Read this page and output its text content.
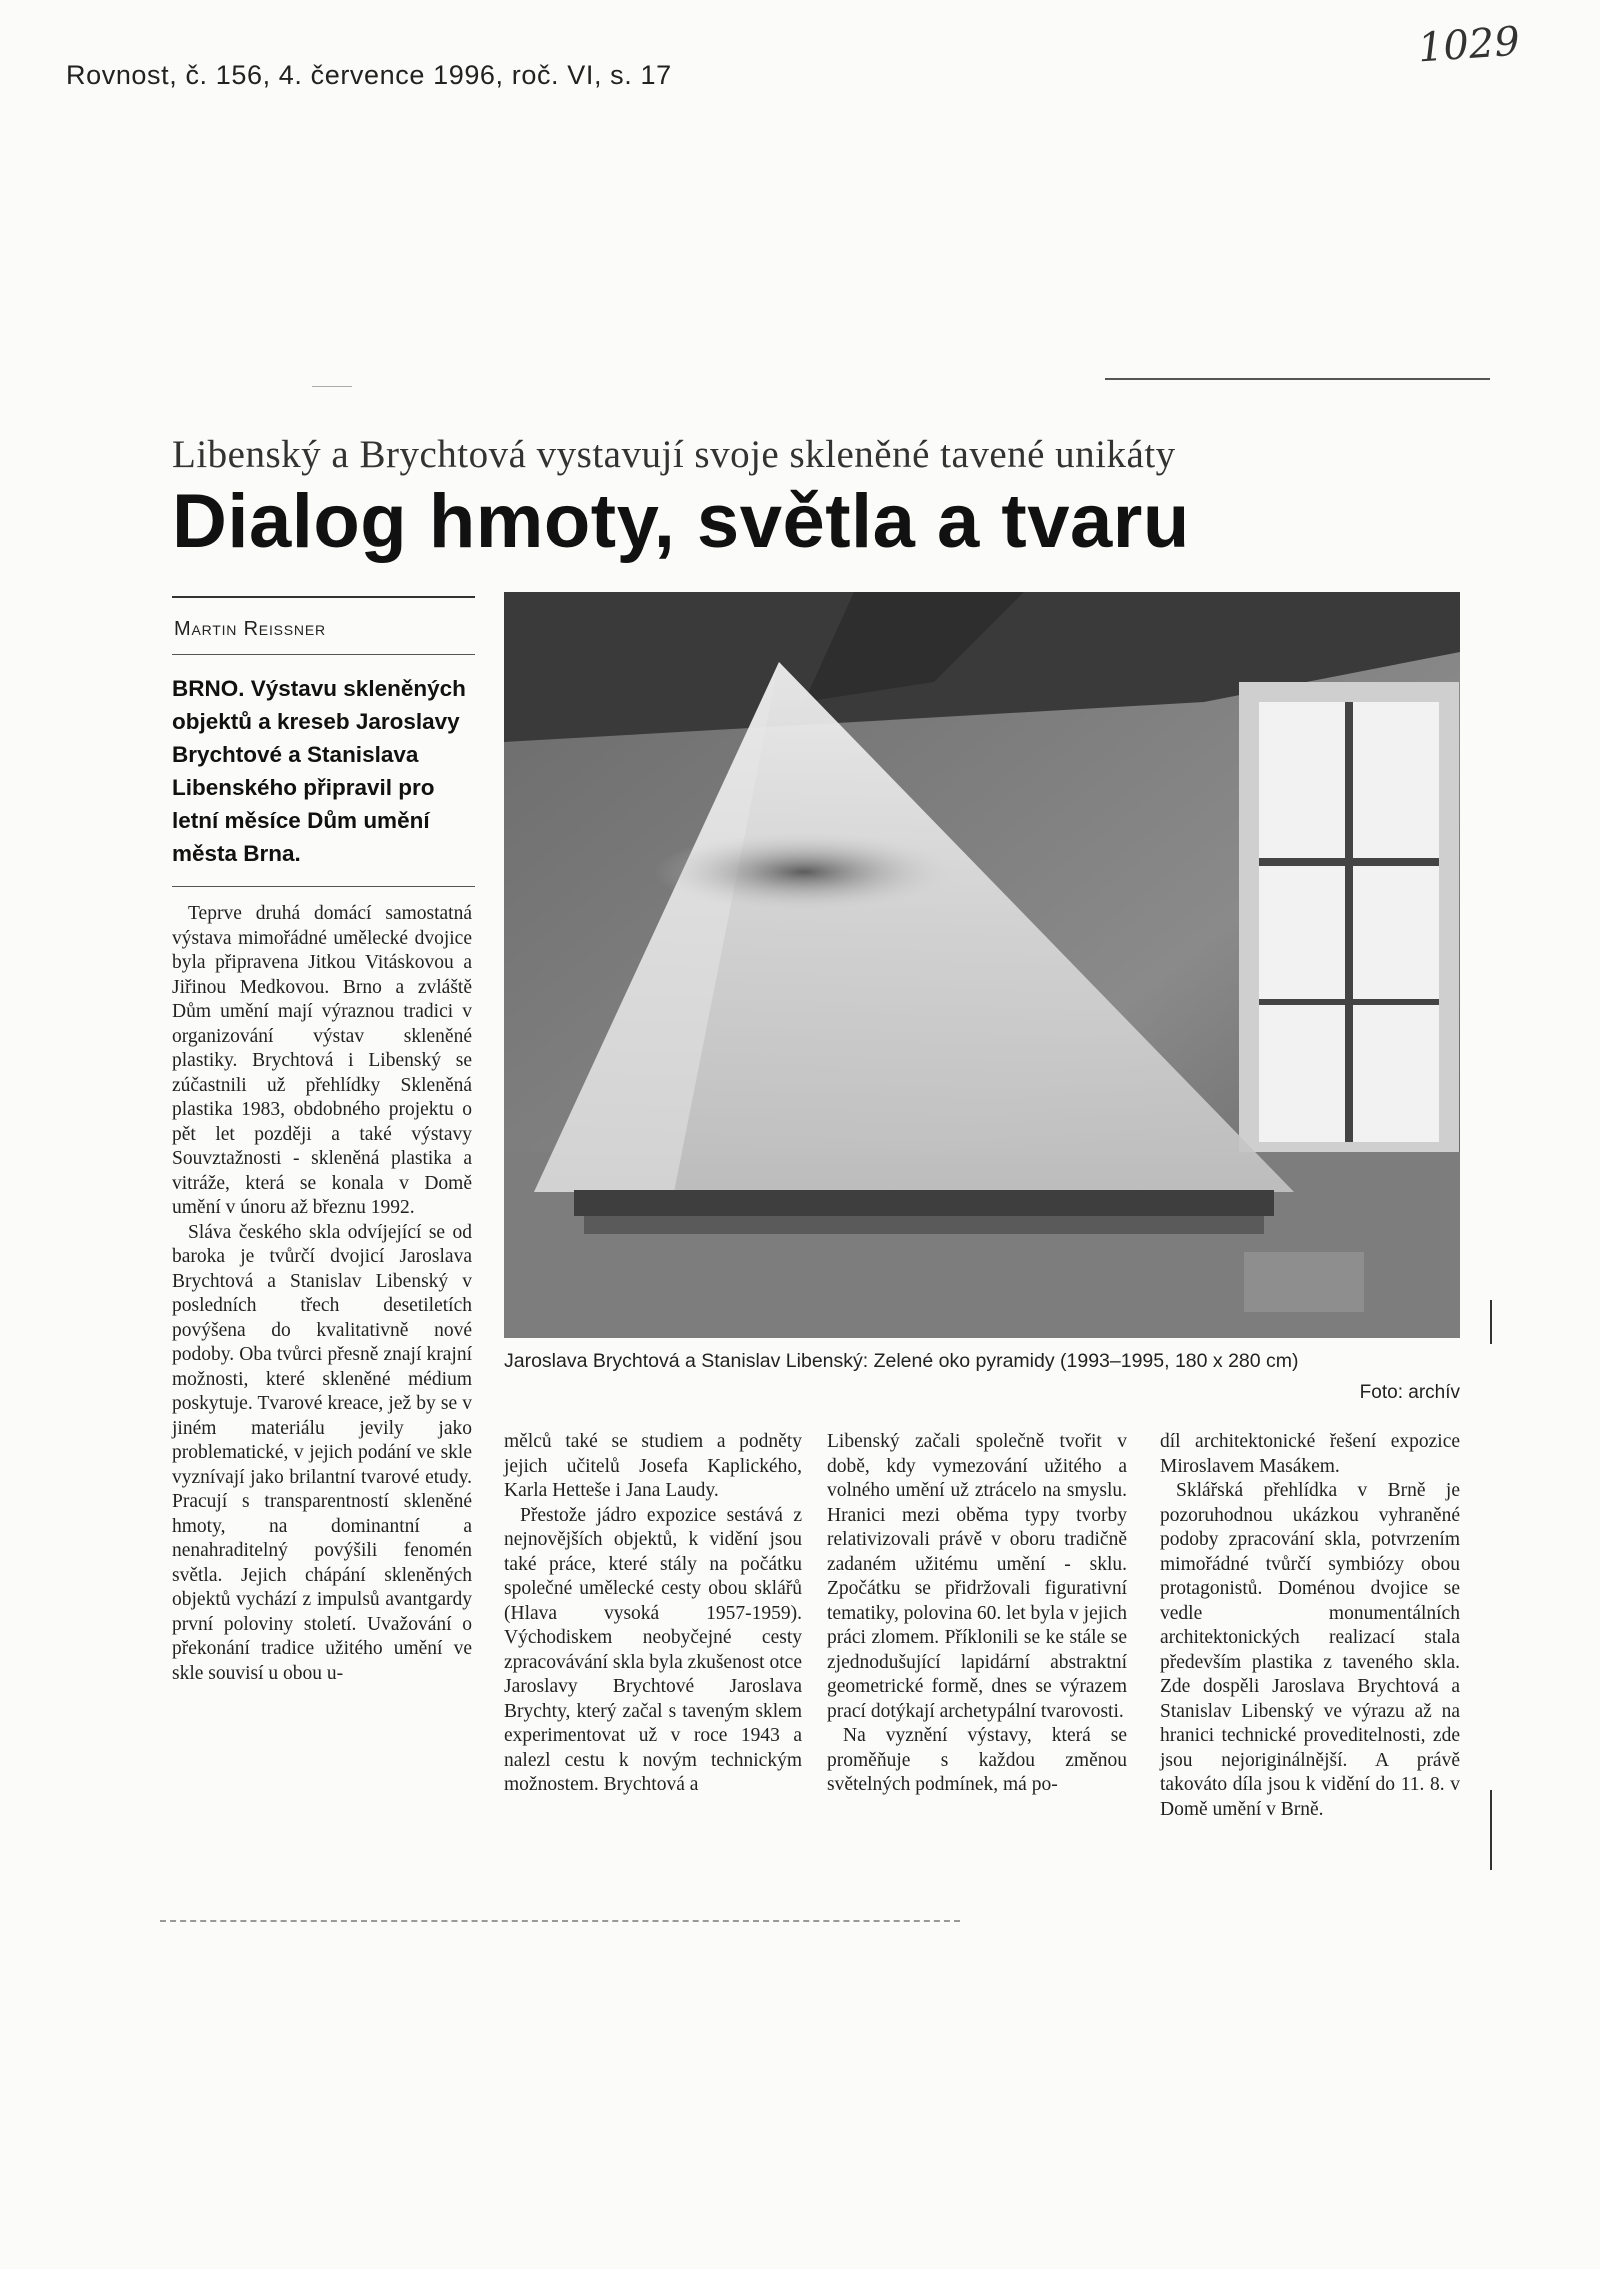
Rovnost, č. 156, 4. července 1996, roč. VI, s. 17
1029
Libenský a Brychtová vystavují svoje skleněné tavené unikáty
Dialog hmoty, světla a tvaru
Martin Reissner
BRNO. Výstavu skleněných objektů a kreseb Jaroslavy Brychtové a Stanislava Libenského připravil pro letní měsíce Dům umění města Brna.

Teprve druhá domácí samostatná výstava mimořádné umělecké dvojice byla připravena Jitkou Vitáskovou a Jiřinou Medkovou. Brno a zvláště Dům umění mají výraznou tradici v organizování výstav skleněné plastiky. Brychtová i Libenský se zúčastnili už přehlídky Skleněná plastika 1983, obdobného projektu o pět let později a také výstavy Souvztažnosti - skleněná plastika a vitráže, která se konala v Domě umění v únoru až březnu 1992.

Sláva českého skla odvíjející se od baroka je tvůrčí dvojicí Jaroslava Brychtová a Stanislav Libenský v posledních třech desetiletích povýšena do kvalitativně nové podoby. Oba tvůrci přesně znají krajní možnosti, které skleněné médium poskytuje. Tvarové kreace, jež by se v jiném materiálu jevily jako problematické, v jejich podání ve skle vyznívají jako brilantní tvarové etudy. Pracují s transparentností skleněné hmoty, na dominantní a nenahraditelný povýšili fenomén světla. Jejich chápání skleněných objektů vychází z impulsů avantgardy první poloviny století. Uvažování o překonání tradice užitého umění ve skle souvisí u obou u-

Jaroslava Brychtová a Stanislav Libenský: Zelené oko pyramidy (1993–1995, 180 x 280 cm)
Foto: archív

mělců také se studiem a podněty jejich učitelů Josefa Kaplického, Karla Hetteše i Jana Laudy.

Přestože jádro expozice sestává z nejnovějších objektů, k vidění jsou také práce, které stály na počátku společné umělecké cesty obou sklářů (Hlava vysoká 1957-1959). Východiskem neobyčejné cesty zpracovávání skla byla zkušenost otce Jaroslavy Brychtové Jaroslava Brychty, který začal s taveným sklem experimentovat už v roce 1943 a nalezl cestu k novým technickým možnostem. Brychtová a

Libenský začali společně tvořit v době, kdy vymezování užitého a volného umění už ztrácelo na smyslu. Hranici mezi oběma typy tvorby relativizovali právě v oboru tradičně zadaném užitému umění - sklu. Zpočátku se přidržovali figurativní tematiky, polovina 60. let byla v jejich práci zlomem. Příklonili se ke stále se zjednodušující lapidární abstraktní geometrické formě, dnes se výrazem prací dotýkají archetypální tvarovosti.

Na vyznění výstavy, která se proměňuje s každou změnou světelných podmínek, má po-

díl architektonické řešení expozice Miroslavem Masákem.

Sklářská přehlídka v Brně je pozoruhodnou ukázkou vyhraněné podoby zpracování skla, potvrzením mimořádné tvůrčí symbiózy obou protagonistů. Doménou dvojice se vedle monumentálních architektonických realizací stala především plastika z taveného skla. Zde dospěli Jaroslava Brychtová a Stanislav Libenský ve výrazu až na hranici technické proveditelnosti, zde jsou nejoriginálnější. A právě takováto díla jsou k vidění do 11. 8. v Domě umění v Brně.
